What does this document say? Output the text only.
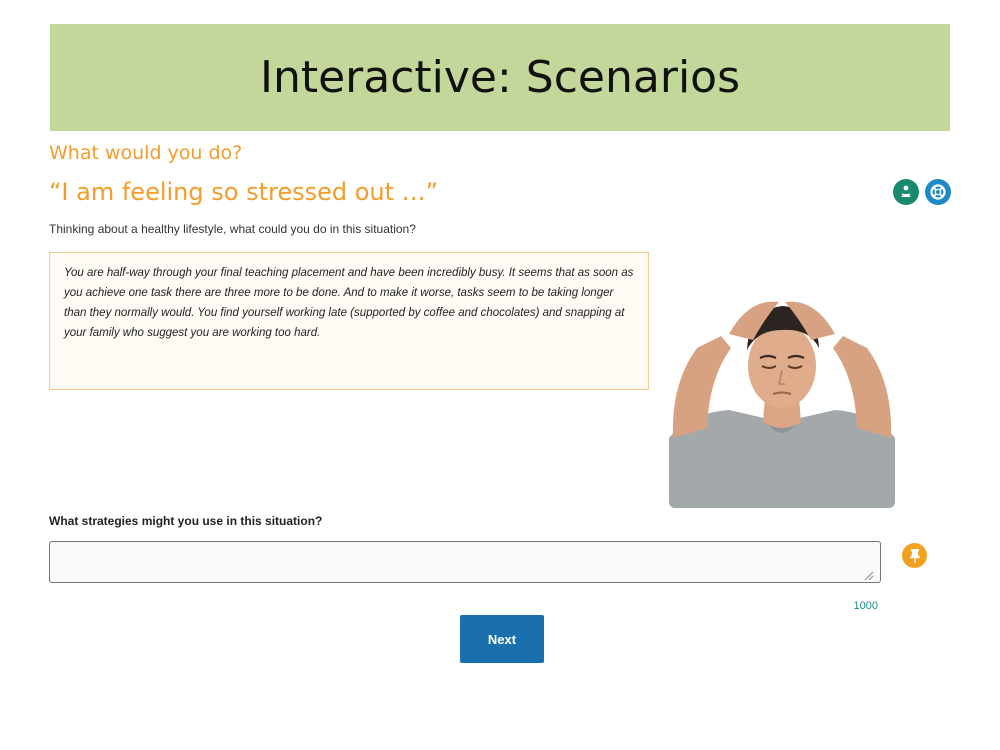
Interactive: Scenarios
What would you do?
“I am feeling so stressed out …”
Thinking about a healthy lifestyle, what could you do in this situation?

You are half-way through your final teaching placement and have been incredibly busy. It seems that as soon as you achieve one task there are three more to be done. And to make it worse, tasks seem to be taking longer than they normally would. You find yourself working late (supported by coffee and chocolates) and snapping at your family who suggest you are working too hard.

What strategies might you use in this situation?
1000
Next
